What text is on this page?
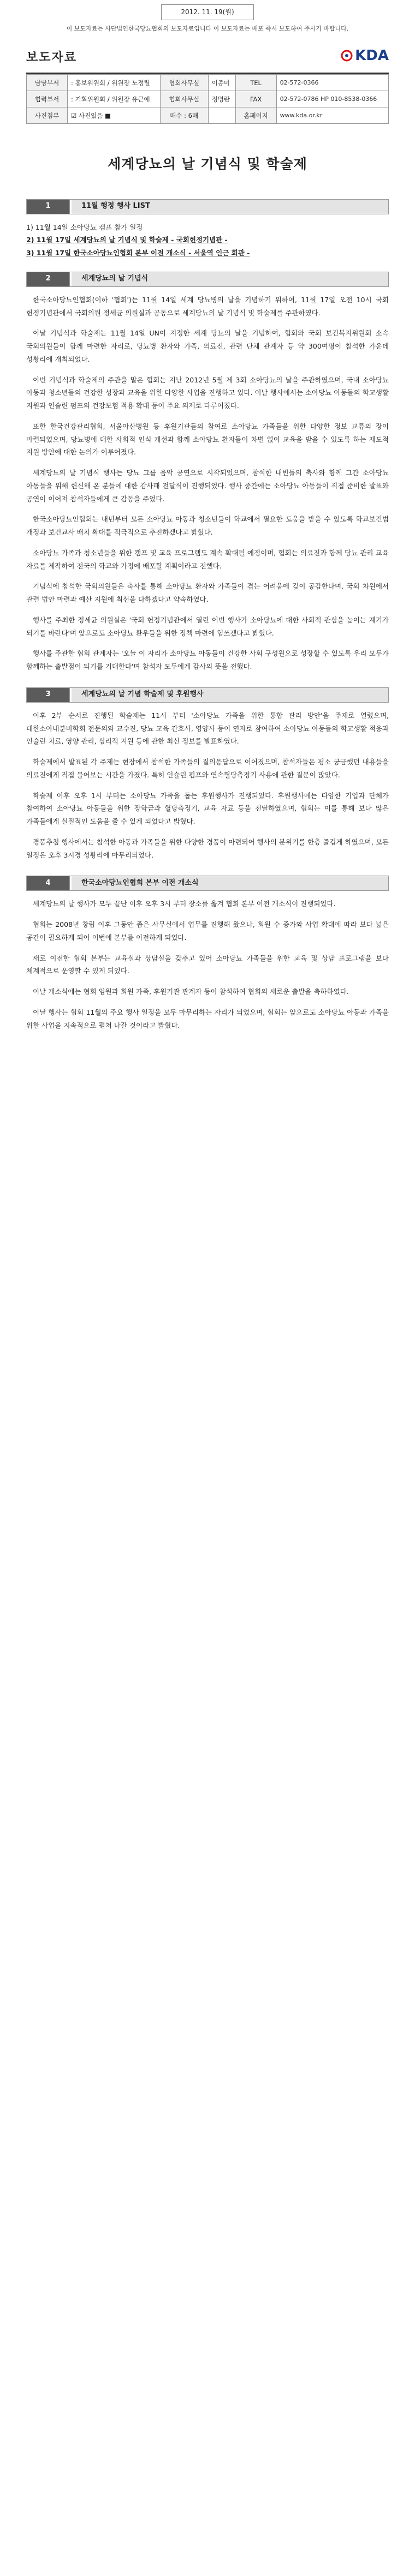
2012. 11. 19(월)
이 보도자료는 사단법인한국당뇨협회의 보도자료입니다 이 보도자료는 배포 즉시 보도하여 주시기 바랍니다.
보도자료	KDA
담당부서	: 홍보위원회 / 위원장 노정렬	협회사무실	이종미	TEL	02-572-0366
협력부서	: 기획위원회 / 위원장 유근애	협회사무실	정명란	FAX	02-572-0786 HP 010-8538-0366
사진첨부	☑ 사진있음 ■	매수 : 6매		홈페이지	www.kda.or.kr
세계당뇨의 날 기념식 및 학술제
1	11월 행정 행사 LIST
1) 11월 14일 소아당뇨 캠프 참가 일정
2) 11월 17일 세계당뇨의 날 기념식 및 학술제 - 국회헌정기념관 -
3) 11월 17일 한국소아당뇨인협회 본부 이전 개소식 - 서울역 인근 회관 -
2	세계당뇨의 날 기념식

한국소아당뇨인협회(이하 '협회')는 11월 14일 세계 당뇨병의 날을 기념하기 위하여, 11월 17일 오전 10시 국회 헌정기념관에서 국회의원 정세균 의원실과 공동으로 세계당뇨의 날 기념식 및 학술제를 주관하였다.

이날 기념식과 학술제는 11월 14일 UN이 지정한 세계 당뇨의 날을 기념하여, 협회와 국회 보건복지위원회 소속 국회의원들이 함께 마련한 자리로, 당뇨병 환자와 가족, 의료진, 관련 단체 관계자 등 약 300여명이 참석한 가운데 성황리에 개최되었다.

이번 기념식과 학술제의 주관을 맡은 협회는 지난 2012년 5월 제 3회 소아당뇨의 날을 주관하였으며, 국내 소아당뇨 아동과 청소년들의 건강한 성장과 교육을 위한 다양한 사업을 진행하고 있다. 이날 행사에서는 소아당뇨 아동들의 학교생활 지원과 인슐린 펌프의 건강보험 적용 확대 등이 주요 의제로 다루어졌다.

또한 한국건강관리협회, 서울아산병원 등 후원기관들의 참여로 소아당뇨 가족들을 위한 다양한 정보 교류의 장이 마련되었으며, 당뇨병에 대한 사회적 인식 개선과 함께 소아당뇨 환자들이 차별 없이 교육을 받을 수 있도록 하는 제도적 지원 방안에 대한 논의가 이루어졌다.

세계당뇨의 날 기념식 행사는 당뇨 그룹 음악 공연으로 시작되었으며, 참석한 내빈들의 축사와 함께 그간 소아당뇨 아동들을 위해 헌신해 온 분들에 대한 감사패 전달식이 진행되었다. 행사 중간에는 소아당뇨 아동들이 직접 준비한 발표와 공연이 이어져 참석자들에게 큰 감동을 주었다.

한국소아당뇨인협회는 내년부터 모든 소아당뇨 아동과 청소년들이 학교에서 필요한 도움을 받을 수 있도록 학교보건법 개정과 보건교사 배치 확대를 적극적으로 추진하겠다고 밝혔다.

소아당뇨 가족과 청소년들을 위한 캠프 및 교육 프로그램도 계속 확대될 예정이며, 협회는 의료진과 함께 당뇨 관리 교육 자료를 제작하여 전국의 학교와 가정에 배포할 계획이라고 전했다.

기념식에 참석한 국회의원들은 축사를 통해 소아당뇨 환자와 가족들이 겪는 어려움에 깊이 공감한다며, 국회 차원에서 관련 법안 마련과 예산 지원에 최선을 다하겠다고 약속하였다.

행사를 주최한 정세균 의원실은 '국회 헌정기념관에서 열린 이번 행사가 소아당뇨에 대한 사회적 관심을 높이는 계기가 되기를 바란다'며 앞으로도 소아당뇨 환우들을 위한 정책 마련에 힘쓰겠다고 밝혔다.

행사를 주관한 협회 관계자는 '오늘 이 자리가 소아당뇨 아동들이 건강한 사회 구성원으로 성장할 수 있도록 우리 모두가 함께하는 출발점이 되기를 기대한다'며 참석자 모두에게 감사의 뜻을 전했다.

3	세계당뇨의 날 기념 학술제 및 후원행사

이후 2부 순서로 진행된 학술제는 11시 부터 '소아당뇨 가족을 위한 통합 관리 방안'을 주제로 열렸으며, 대한소아내분비학회 전문의와 교수진, 당뇨 교육 간호사, 영양사 등이 연자로 참여하여 소아당뇨 아동들의 학교생활 적응과 인슐린 치료, 영양 관리, 심리적 지원 등에 관한 최신 정보를 발표하였다.

학술제에서 발표된 각 주제는 현장에서 참석한 가족들의 질의응답으로 이어졌으며, 참석자들은 평소 궁금했던 내용들을 의료진에게 직접 물어보는 시간을 가졌다. 특히 인슐린 펌프와 연속혈당측정기 사용에 관한 질문이 많았다.

학술제 이후 오후 1시 부터는 소아당뇨 가족을 돕는 후원행사가 진행되었다. 후원행사에는 다양한 기업과 단체가 참여하여 소아당뇨 아동들을 위한 장학금과 혈당측정기, 교육 자료 등을 전달하였으며, 협회는 이를 통해 보다 많은 가족들에게 실질적인 도움을 줄 수 있게 되었다고 밝혔다.

경품추첨 행사에서는 참석한 아동과 가족들을 위한 다양한 경품이 마련되어 행사의 분위기를 한층 즐겁게 하였으며, 모든 일정은 오후 3시경 성황리에 마무리되었다.

4	한국소아당뇨인협회 본부 이전 개소식

세계당뇨의 날 행사가 모두 끝난 이후 오후 3시 부터 장소를 옮겨 협회 본부 이전 개소식이 진행되었다.

협회는 2008년 창립 이후 그동안 좁은 사무실에서 업무를 진행해 왔으나, 회원 수 증가와 사업 확대에 따라 보다 넓은 공간이 필요하게 되어 이번에 본부를 이전하게 되었다.

새로 이전한 협회 본부는 교육실과 상담실을 갖추고 있어 소아당뇨 가족들을 위한 교육 및 상담 프로그램을 보다 체계적으로 운영할 수 있게 되었다.

이날 개소식에는 협회 임원과 회원 가족, 후원기관 관계자 등이 참석하여 협회의 새로운 출발을 축하하였다.

이날 행사는 협회 11월의 주요 행사 일정을 모두 마무리하는 자리가 되었으며, 협회는 앞으로도 소아당뇨 아동과 가족을 위한 사업을 지속적으로 펼쳐 나갈 것이라고 밝혔다.
